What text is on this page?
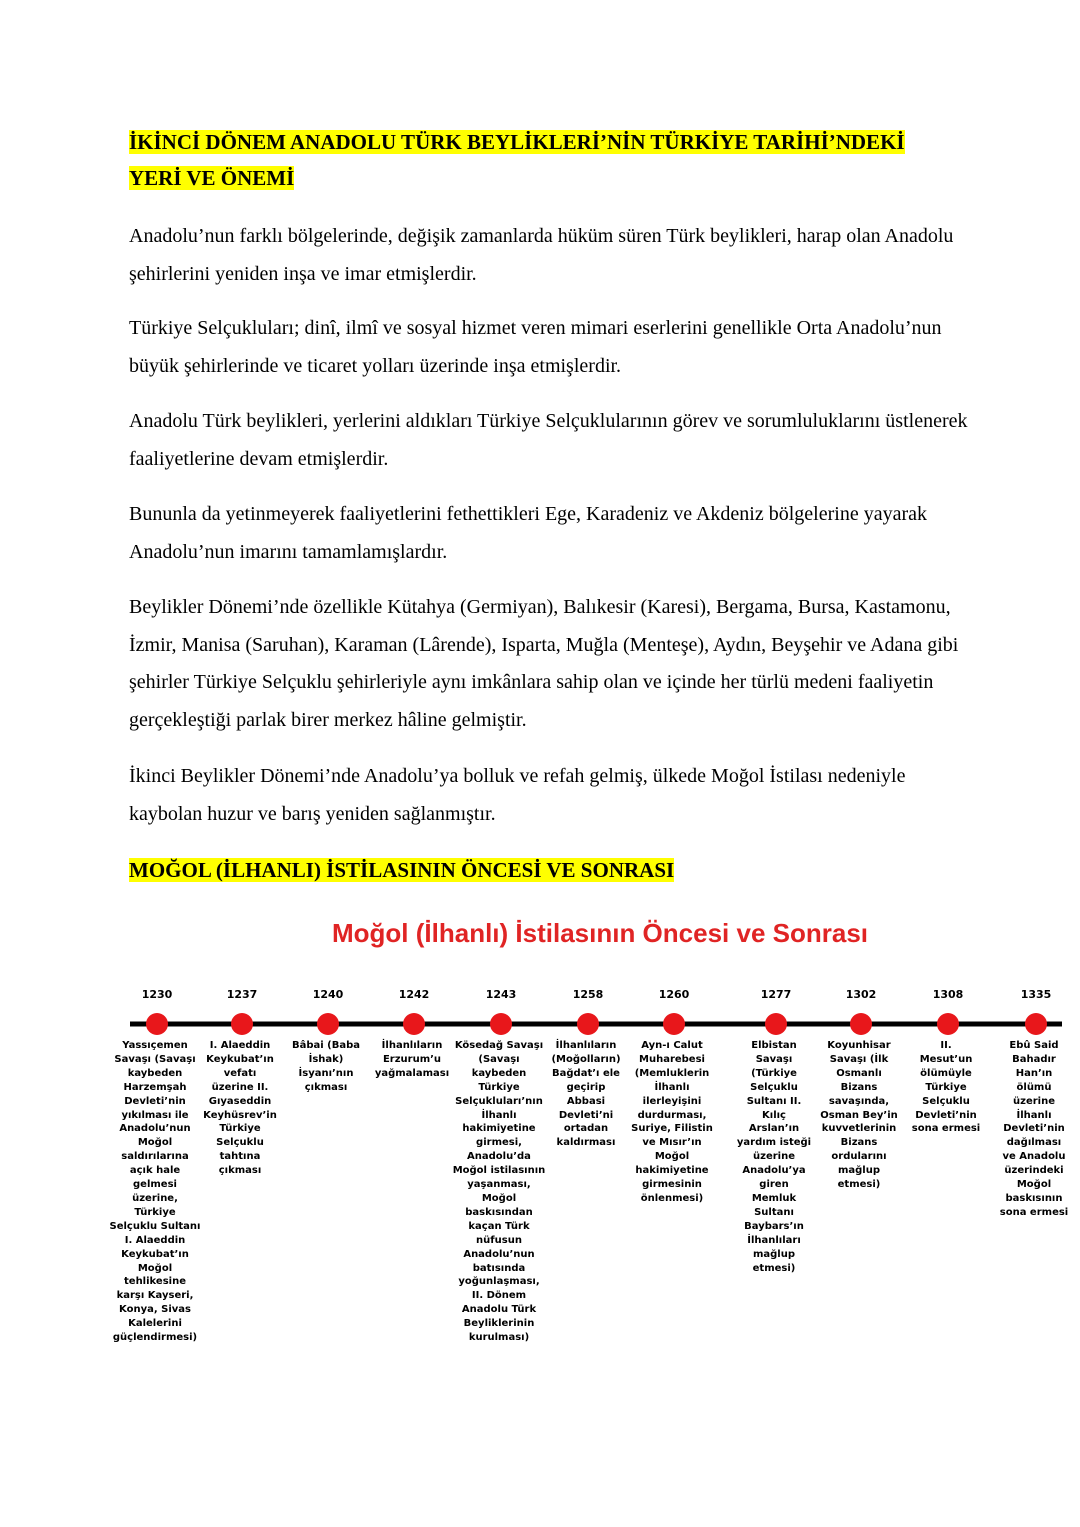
İKİNCİ DÖNEM ANADOLU TÜRK BEYLİKLERİ’NİN TÜRKİYE TARİHİ’NDEKİ
YERİ VE ÖNEMİ

Anadolu’nun farklı bölgelerinde, değişik zamanlarda hüküm süren Türk beylikleri, harap olan Anadolu şehirlerini yeniden inşa ve imar etmişlerdir.

Türkiye Selçukluları; dinî, ilmî ve sosyal hizmet veren mimari eserlerini genellikle Orta Anadolu’nun büyük şehirlerinde ve ticaret yolları üzerinde inşa etmişlerdir.

Anadolu Türk beylikleri, yerlerini aldıkları Türkiye Selçuklularının görev ve sorumluluklarını üstlenerek faaliyetlerine devam etmişlerdir.

Bununla da yetinmeyerek faaliyetlerini fethettikleri Ege, Karadeniz ve Akdeniz bölgelerine yayarak Anadolu’nun imarını tamamlamışlardır.

Beylikler Dönemi’nde özellikle Kütahya (Germiyan), Balıkesir (Karesi), Bergama, Bursa, Kastamonu, İzmir, Manisa (Saruhan), Karaman (Lârende), Isparta, Muğla (Menteşe), Aydın, Beyşehir ve Adana gibi şehirler Türkiye Selçuklu şehirleriyle aynı imkânlara sahip olan ve içinde her türlü medeni faaliyetin gerçekleştiği parlak birer merkez hâline gelmiştir.

İkinci Beylikler Dönemi’nde Anadolu’ya bolluk ve refah gelmiş, ülkede Moğol İstilası nedeniyle kaybolan huzur ve barış yeniden sağlanmıştır.

MOĞOL (İLHANLI) İSTİLASININ ÖNCESİ VE SONRASI
Moğol (İlhanlı) İstilasının Öncesi ve Sonrası
1230
Yassıçemen
Savaşı (Savaşı
kaybeden
Harzemşah
Devleti’nin
yıkılması ile
Anadolu’nun
Moğol
saldırılarına
açık hale
gelmesi
üzerine,
Türkiye
Selçuklu Sultanı
I. Alaeddin
Keykubat’ın
Moğol
tehlikesine
karşı Kayseri,
Konya, Sivas
Kalelerini
güçlendirmesi)
1237
I. Alaeddin
Keykubat’ın
vefatı
üzerine II.
Gıyaseddin
Keyhüsrev’in
Türkiye
Selçuklu
tahtına
çıkması
1240
Bâbai (Baba
İshak)
İsyanı’nın
çıkması
1242
İlhanlıların
Erzurum’u
yağmalaması
1243
Kösedağ Savaşı
(Savaşı
kaybeden
Türkiye
Selçukluları’nın
İlhanlı
hakimiyetine
girmesi,
Anadolu’da
Moğol istilasının
yaşanması,
Moğol
baskısından
kaçan Türk
nüfusun
Anadolu’nun
batısında
yoğunlaşması,
II. Dönem
Anadolu Türk
Beyliklerinin
kurulması)
1258
İlhanlıların
(Moğolların)
Bağdat’ı ele
geçirip
Abbasi
Devleti’ni
ortadan
kaldırması
1260
Ayn-ı Calut
Muharebesi
(Memluklerin
İlhanlı
ilerleyişini
durdurması,
Suriye, Filistin
ve Mısır’ın
Moğol
hakimiyetine
girmesinin
önlenmesi)
1277
Elbistan
Savaşı
(Türkiye
Selçuklu
Sultanı II.
Kılıç
Arslan’ın
yardım isteği
üzerine
Anadolu’ya
giren
Memluk
Sultanı
Baybars’ın
İlhanlıları
mağlup
etmesi)
1302
Koyunhisar
Savaşı (İlk
Osmanlı
Bizans
savaşında,
Osman Bey’in
kuvvetlerinin
Bizans
ordularını
mağlup
etmesi)
1308
II.
Mesut’un
ölümüyle
Türkiye
Selçuklu
Devleti’nin
sona ermesi
1335
Ebû Said
Bahadır
Han’ın
ölümü
üzerine
İlhanlı
Devleti’nin
dağılması
ve Anadolu
üzerindeki
Moğol
baskısının
sona ermesi
